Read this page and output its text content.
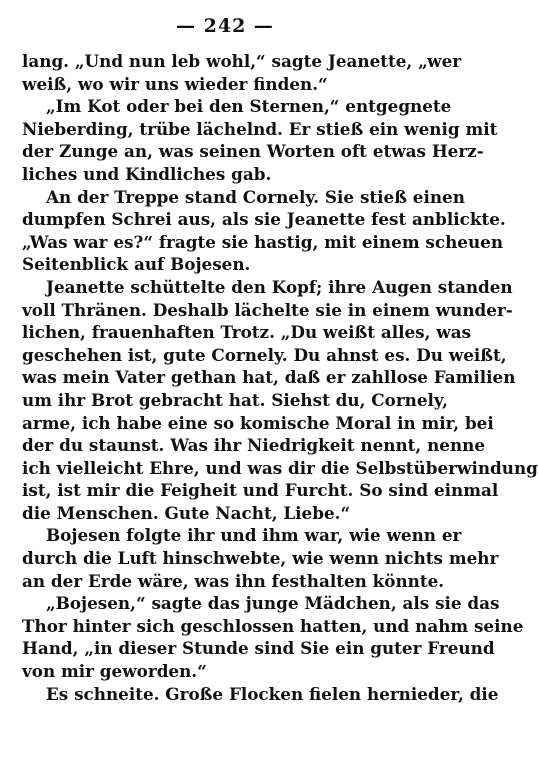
— 242 —
lang. „Und nun leb wohl,“ sagte Jeanette, „wer
weiß, wo wir uns wieder finden.“
„Im Kot oder bei den Sternen,“ entgegnete
Nieberding, trübe lächelnd. Er stieß ein wenig mit
der Zunge an, was seinen Worten oft etwas Herz-
liches und Kindliches gab.
An der Treppe stand Cornely. Sie stieß einen
dumpfen Schrei aus, als sie Jeanette fest anblickte.
„Was war es?“ fragte sie hastig, mit einem scheuen
Seitenblick auf Bojesen.
Jeanette schüttelte den Kopf; ihre Augen standen
voll Thränen. Deshalb lächelte sie in einem wunder-
lichen, frauenhaften Trotz. „Du weißt alles, was
geschehen ist, gute Cornely. Du ahnst es. Du weißt,
was mein Vater gethan hat, daß er zahllose Familien
um ihr Brot gebracht hat. Siehst du, Cornely,
arme, ich habe eine so komische Moral in mir, bei
der du staunst. Was ihr Niedrigkeit nennt, nenne
ich vielleicht Ehre, und was dir die Selbstüberwindung
ist, ist mir die Feigheit und Furcht. So sind einmal
die Menschen. Gute Nacht, Liebe.“
Bojesen folgte ihr und ihm war, wie wenn er
durch die Luft hinschwebte, wie wenn nichts mehr
an der Erde wäre, was ihn festhalten könnte.
„Bojesen,“ sagte das junge Mädchen, als sie das
Thor hinter sich geschlossen hatten, und nahm seine
Hand, „in dieser Stunde sind Sie ein guter Freund
von mir geworden.“
Es schneite. Große Flocken fielen hernieder, die
